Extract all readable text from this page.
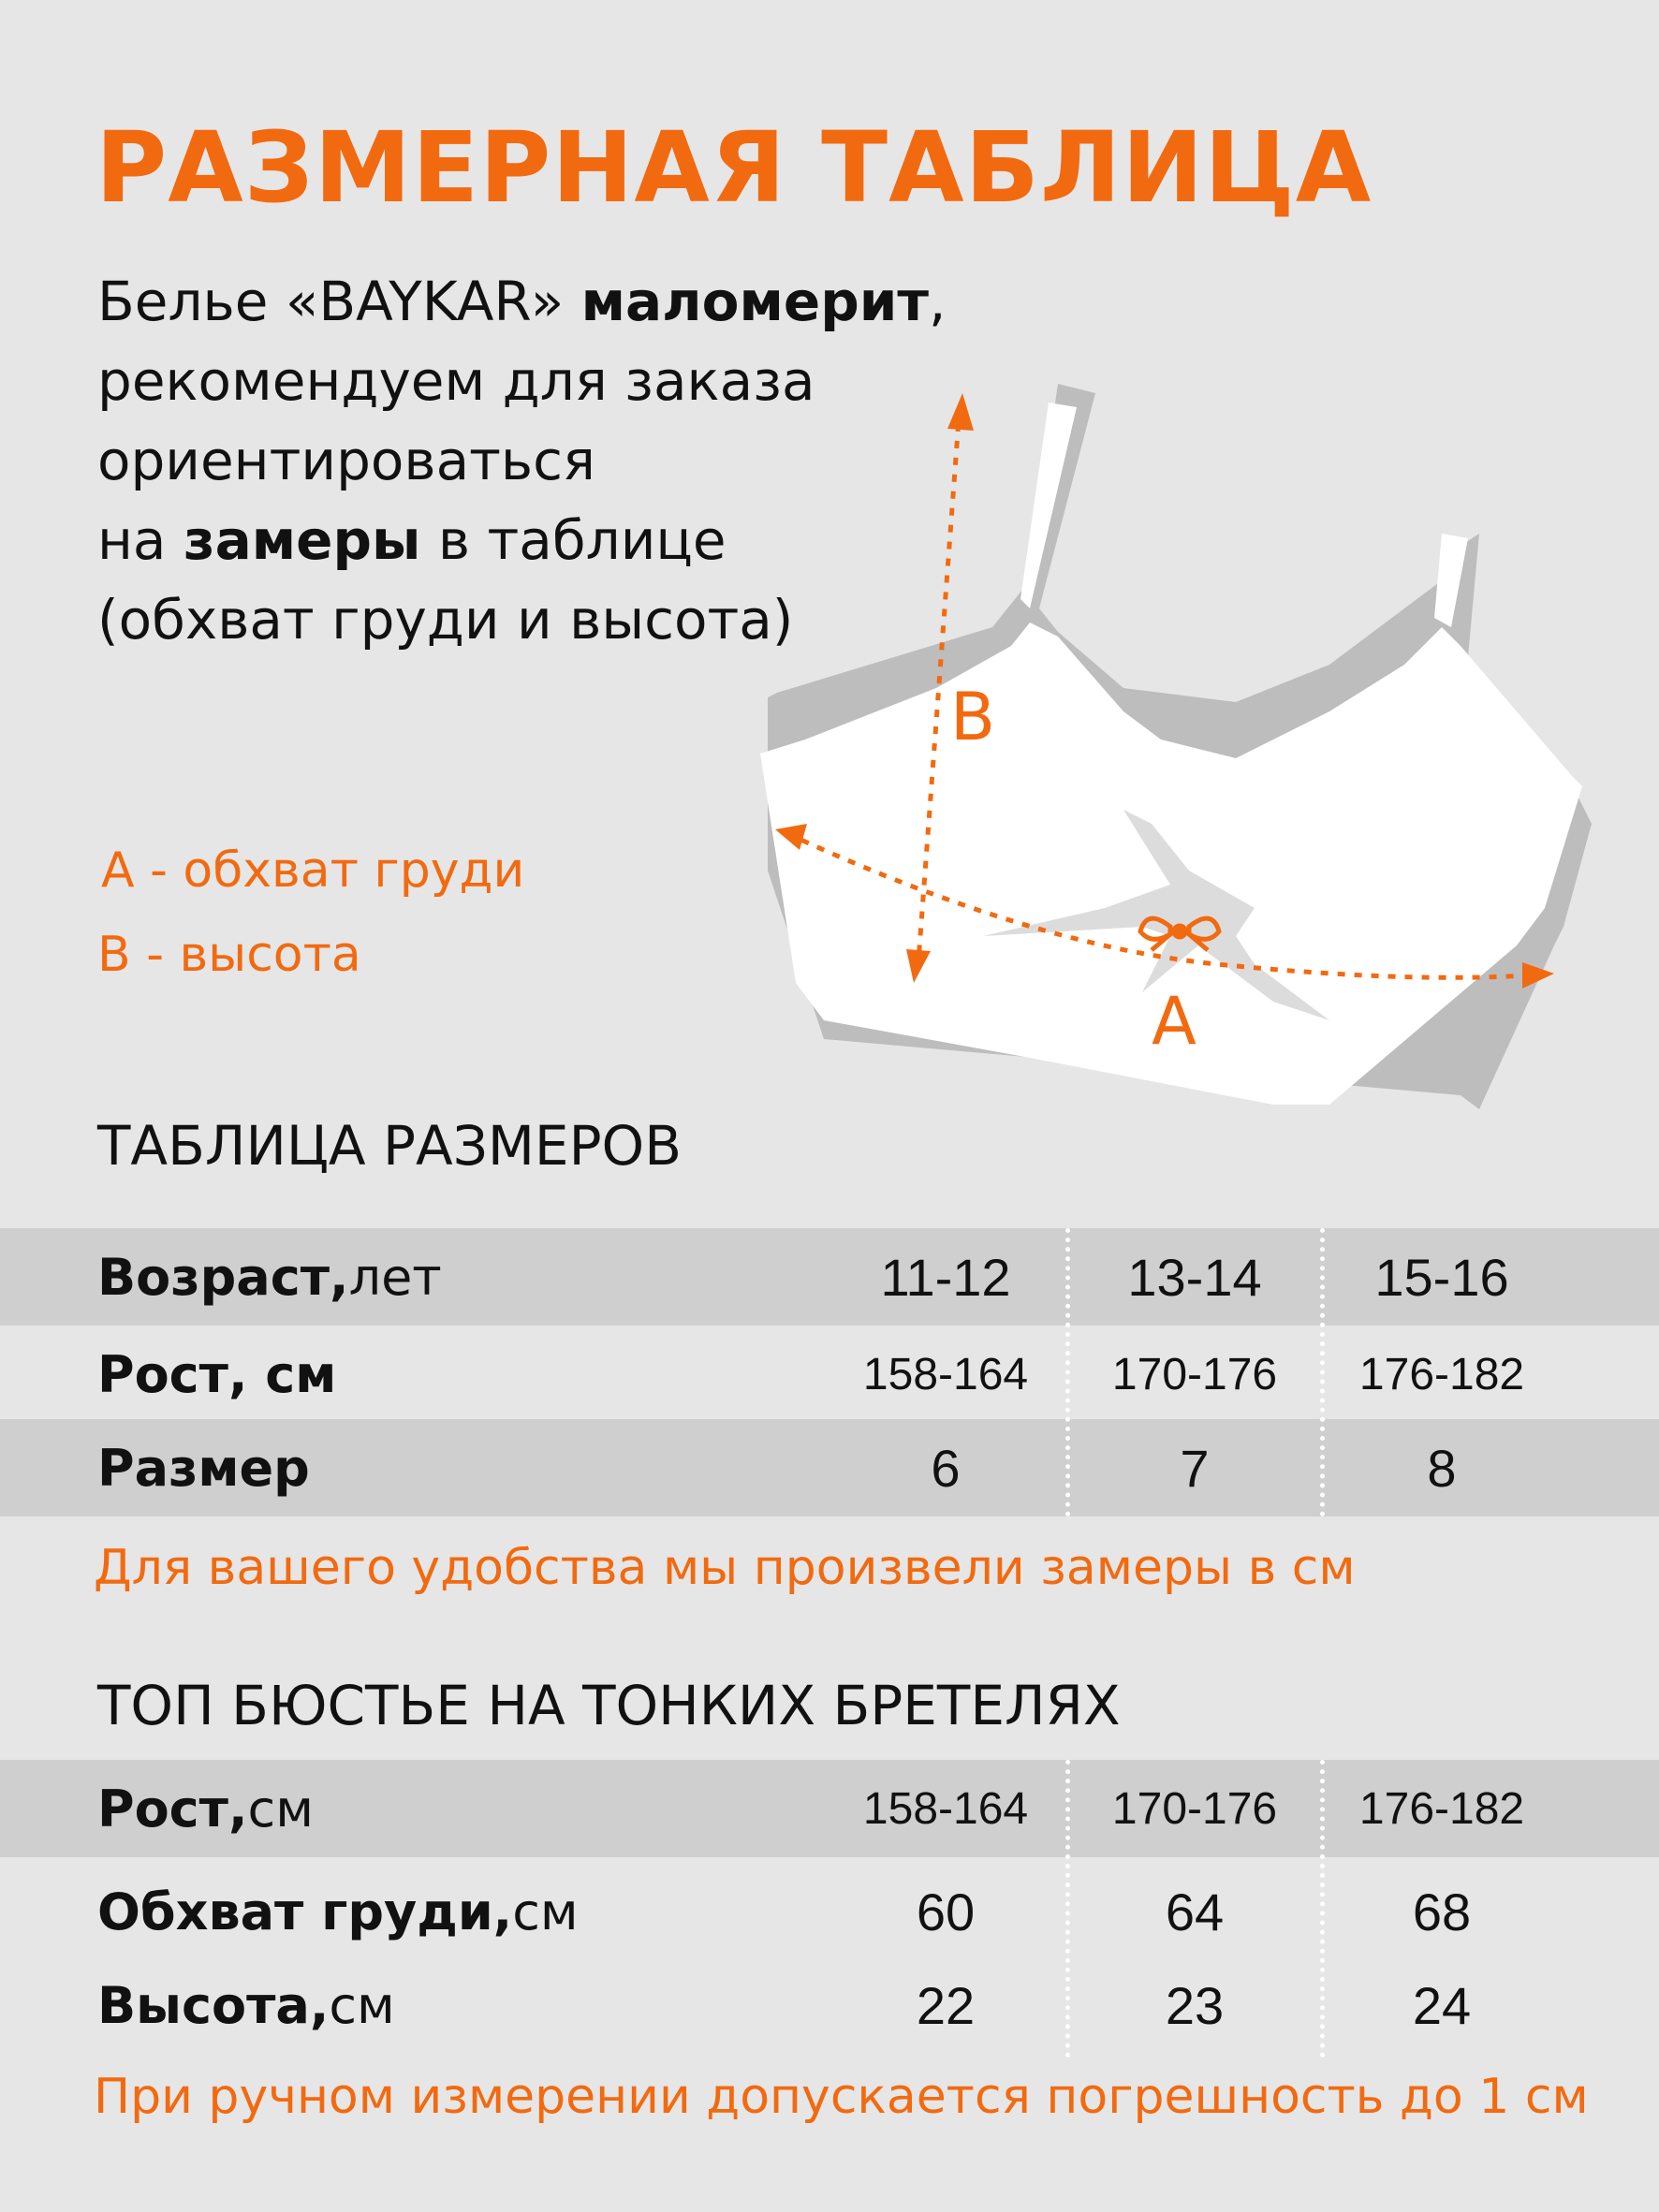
РАЗМЕРНАЯ ТАБЛИЦА
Белье «BAYKAR» маломерит,
рекомендуем для заказа
ориентироваться
на замеры в таблице
(обхват груди и высота)
B
A
А - обхват груди
В - высота
ТАБЛИЦА РАЗМЕРОВ
Возраст, лет	11-12	13-14	15-16
Рост, см	158-164	170-176	176-182
Размер	6	7	8
Для вашего удобства мы произвели замеры в см
ТОП БЮСТЬЕ НА ТОНКИХ БРЕТЕЛЯХ
Рост, см	158-164	170-176	176-182
Обхват груди, см	60	64	68
Высота, см	22	23	24
При ручном измерении допускается погрешность до 1 см
